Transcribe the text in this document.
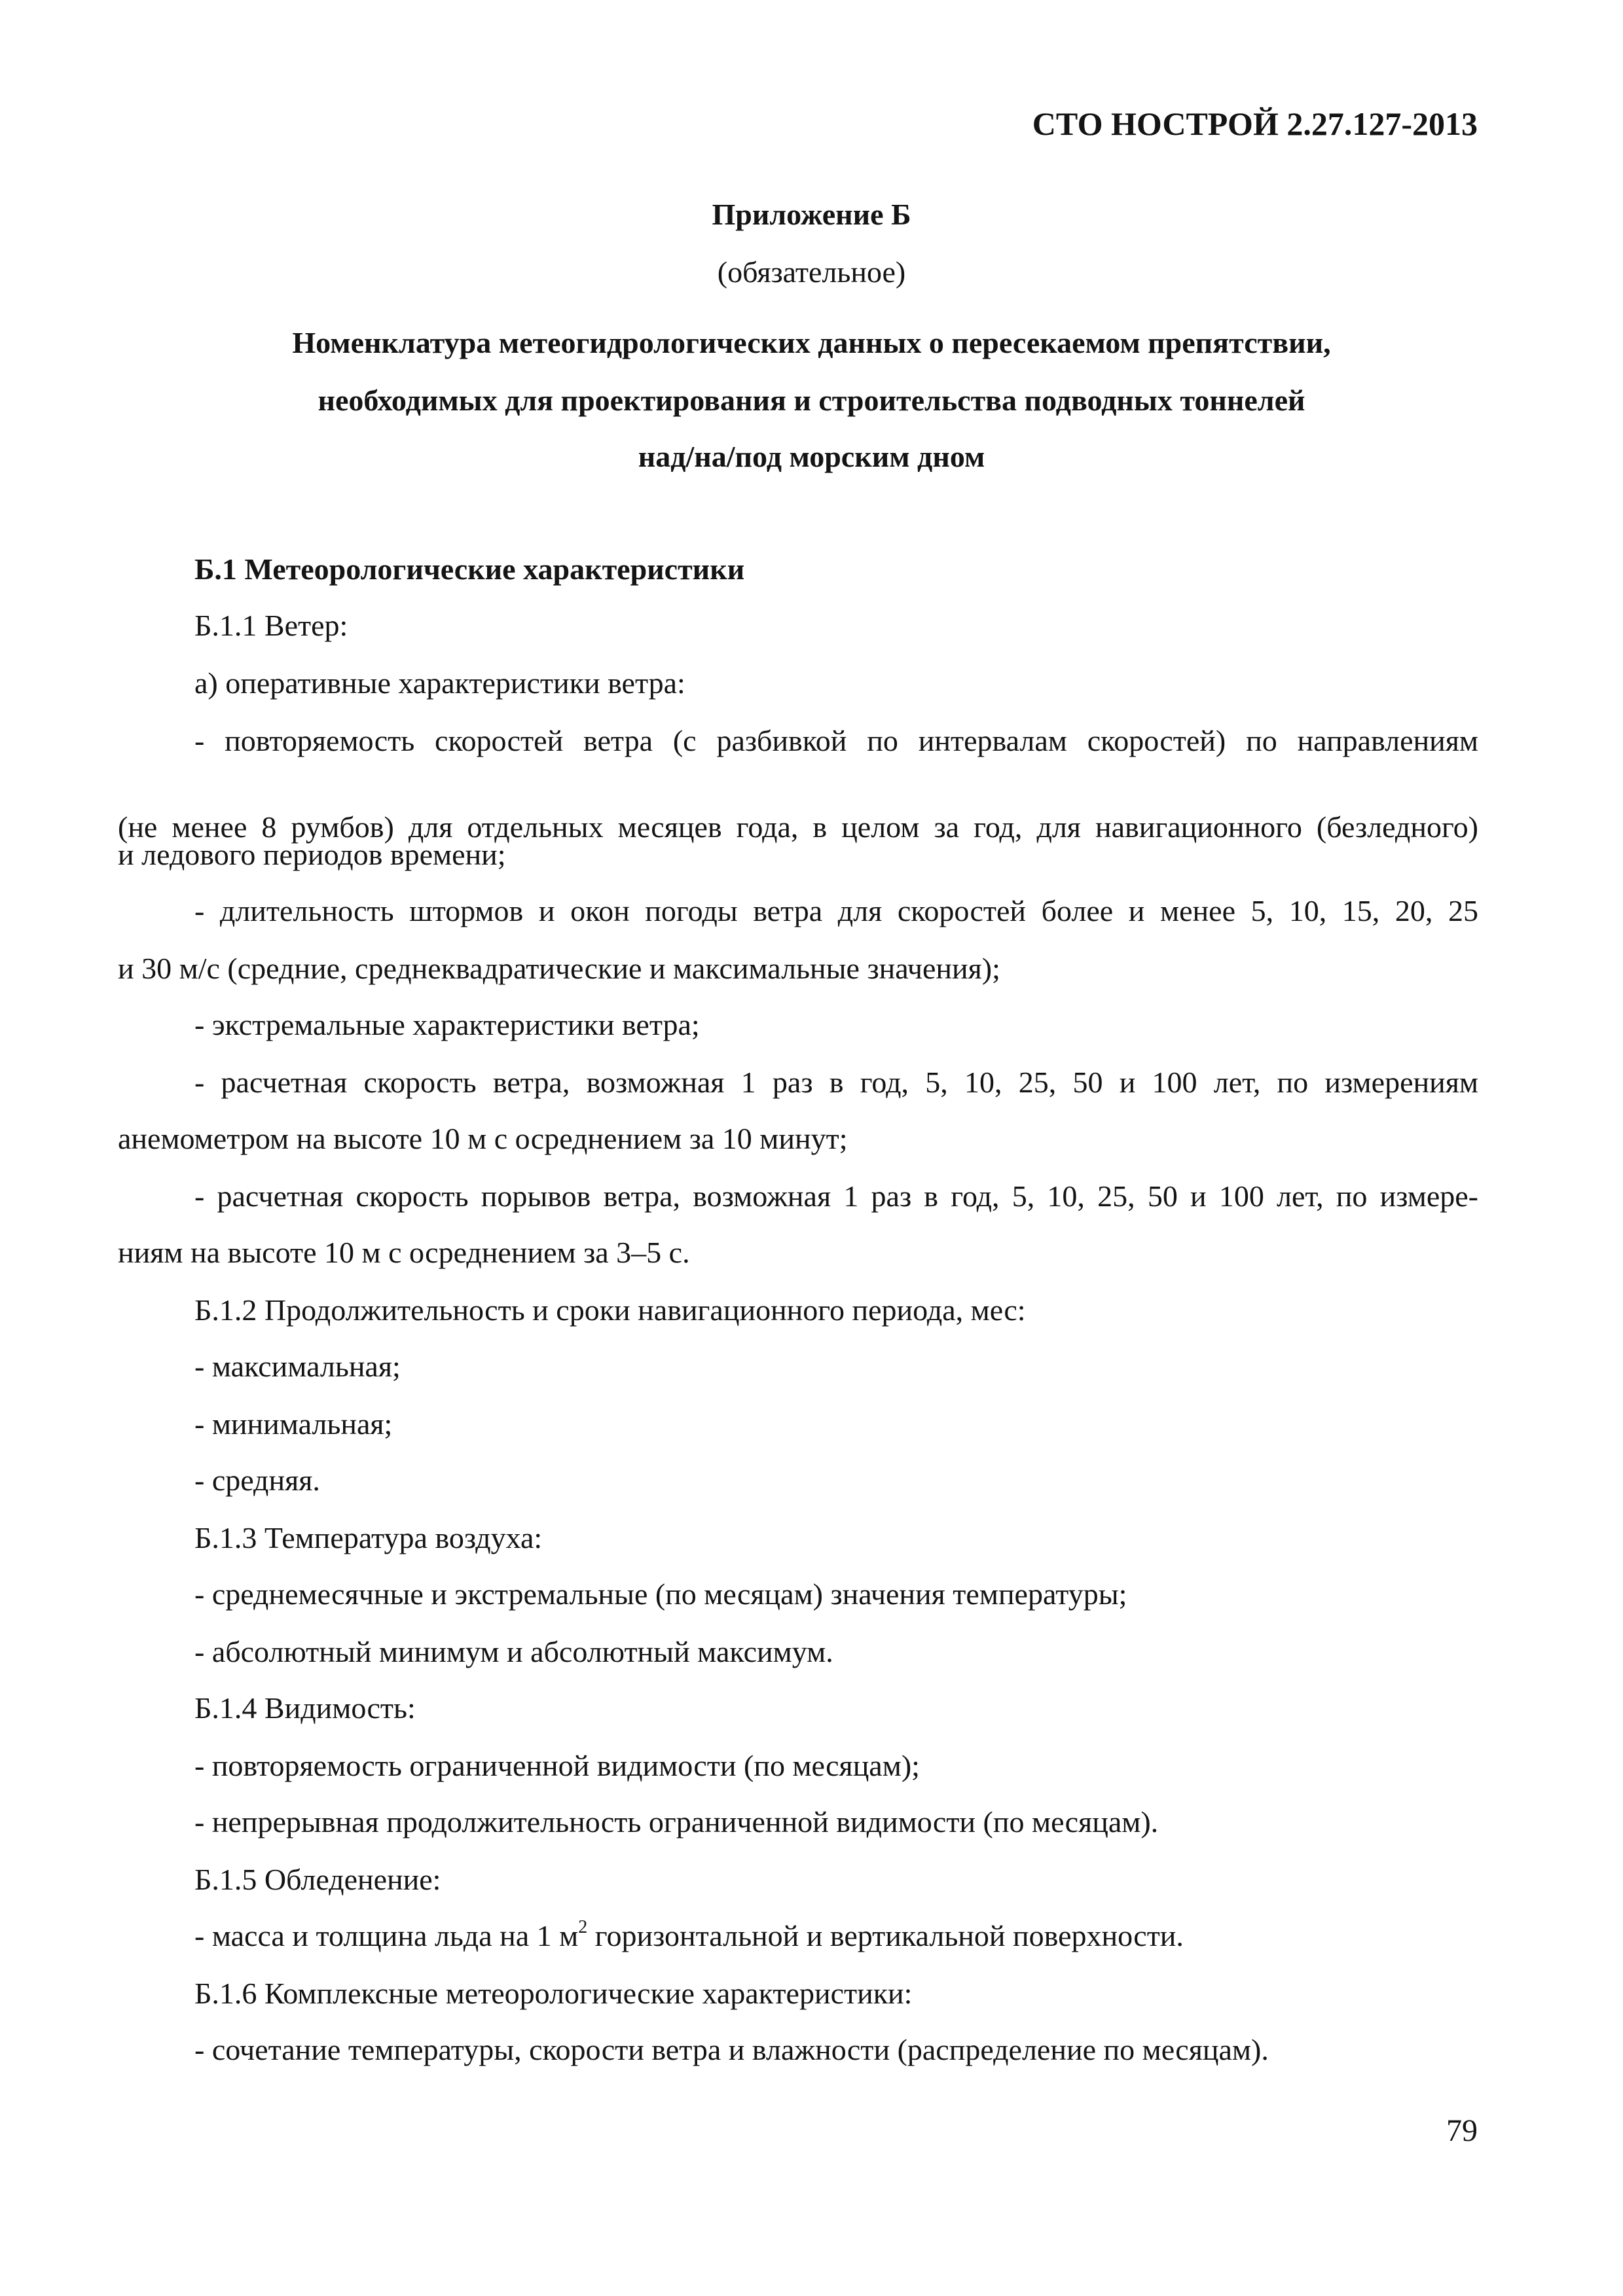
СТО НОСТРОЙ 2.27.127-2013

Приложение Б

(обязательное)

Номенклатура метеогидрологических данных о пересекаемом препятствии,

необходимых для проектирования и строительства подводных тоннелей

над/на/под морским дном

Б.1 Метеорологические характеристики

Б.1.1 Ветер:

а) оперативные характеристики ветра:

- повторяемость скоростей ветра (с разбивкой по интервалам скоростей) по направлениям

(не менее 8 румбов) для отдельных месяцев года, в целом за год, для навигационного (безледного)

и ледового периодов времени;

- длительность штормов и окон погоды ветра для скоростей более и менее 5, 10, 15, 20, 25

и 30 м/с (средние, среднеквадратические и максимальные значения);

- экстремальные характеристики ветра;

- расчетная скорость ветра, возможная 1 раз в год, 5, 10, 25, 50 и 100 лет, по измерениям

анемометром на высоте 10 м с осреднением за 10 минут;

- расчетная скорость порывов ветра, возможная 1 раз в год, 5, 10, 25, 50 и 100 лет, по измере-

ниям на высоте 10 м с осреднением за 3–5 с.

Б.1.2 Продолжительность и сроки навигационного периода, мес:

- максимальная;

- минимальная;

- средняя.

Б.1.3 Температура воздуха:

- среднемесячные и экстремальные (по месяцам) значения температуры;

- абсолютный минимум и абсолютный максимум.

Б.1.4 Видимость:

- повторяемость ограниченной видимости (по месяцам);

- непрерывная продолжительность ограниченной видимости (по месяцам).

Б.1.5 Обледенение:

- масса и толщина льда на 1 $м^2$ горизонтальной и вертикальной поверхности.

Б.1.6 Комплексные метеорологические характеристики:

- сочетание температуры, скорости ветра и влажности (распределение по месяцам).

79
